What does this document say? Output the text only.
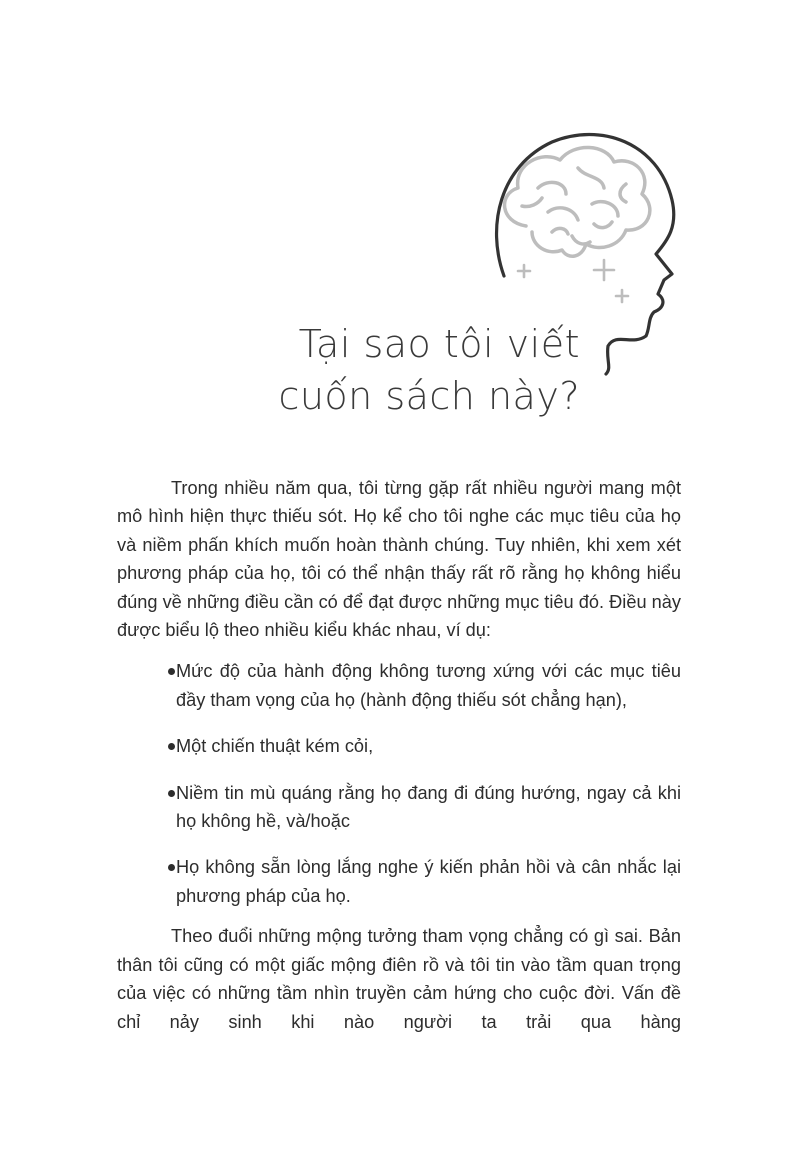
Tại sao tôi viết
cuốn sách này?

Trong nhiều năm qua, tôi từng gặp rất nhiều người mang một mô hình hiện thực thiếu sót. Họ kể cho tôi nghe các mục tiêu của họ và niềm phấn khích muốn hoàn thành chúng. Tuy nhiên, khi xem xét phương pháp của họ, tôi có thể nhận thấy rất rõ rằng họ không hiểu đúng về những điều cần có để đạt được những mục tiêu đó. Điều này được biểu lộ theo nhiều kiểu khác nhau, ví dụ:

Mức độ của hành động không tương xứng với các mục tiêu đầy tham vọng của họ (hành động thiếu sót chẳng hạn),
Một chiến thuật kém cỏi,
Niềm tin mù quáng rằng họ đang đi đúng hướng, ngay cả khi họ không hề, và/hoặc
Họ không sẵn lòng lắng nghe ý kiến phản hồi và cân nhắc lại phương pháp của họ.

Theo đuổi những mộng tưởng tham vọng chẳng có gì sai. Bản thân tôi cũng có một giấc mộng điên rồ và tôi tin vào tầm quan trọng của việc có những tầm nhìn truyền cảm hứng cho cuộc đời. Vấn đề chỉ nảy sinh khi nào người ta trải qua hàng
